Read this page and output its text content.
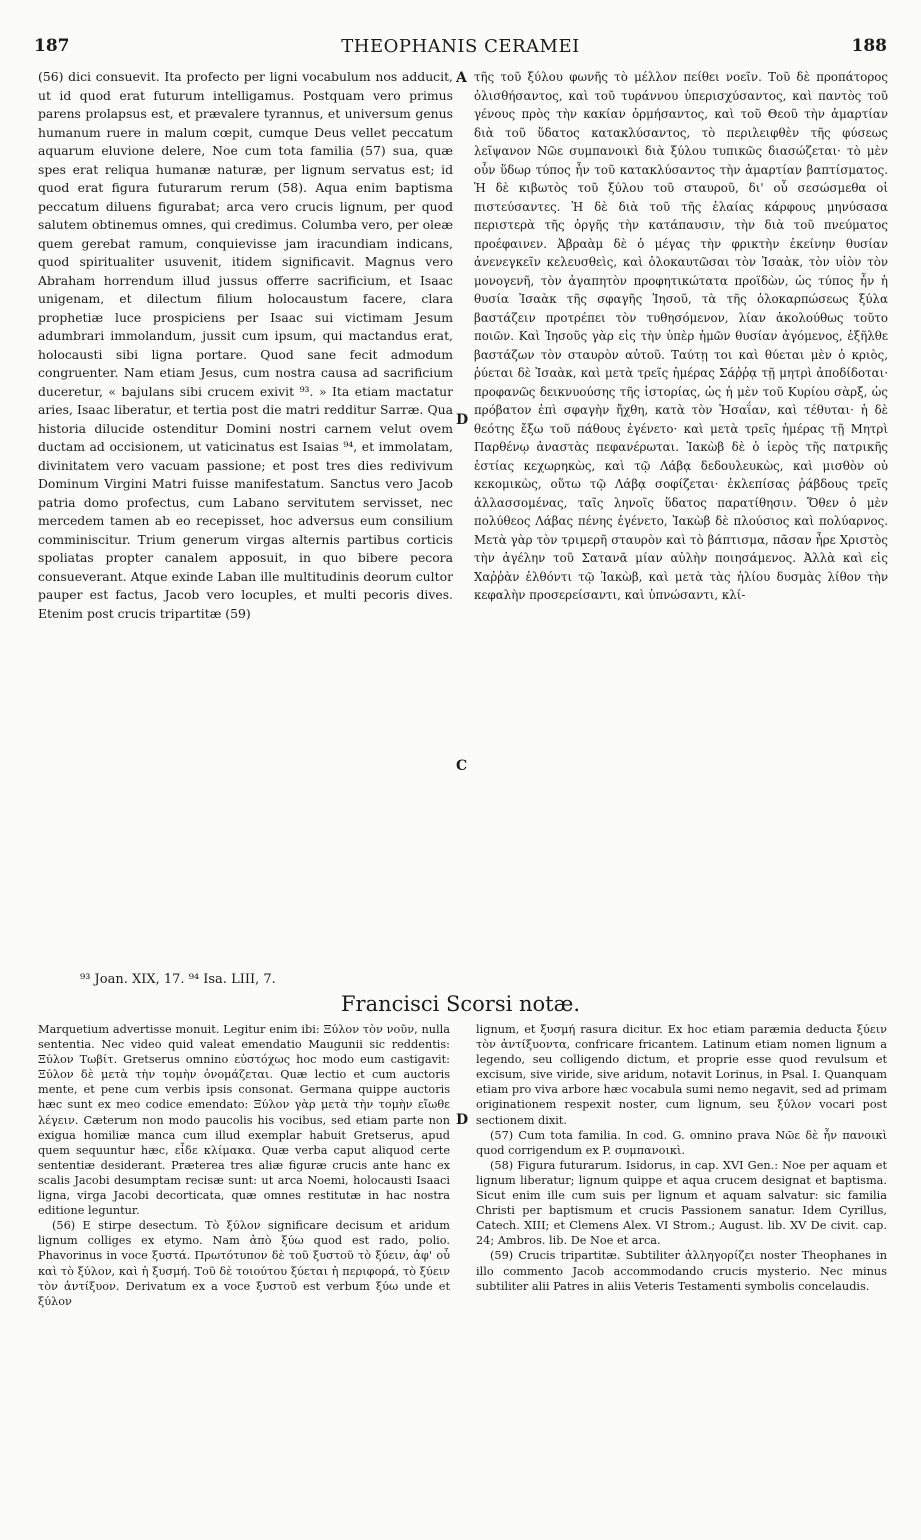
187	THEOPHANIS CERAMEI	188

(56) dici consuevit. Ita profecto per ligni vocabulum nos adducit, ut id quod erat futurum intelligamus. Postquam vero primus parens prolapsus est, et prævalere tyrannus, et universum genus humanum ruere in malum cœpit, cumque Deus vellet peccatum aquarum eluvione delere, Noe cum tota familia (57) sua, quæ spes erat reliqua humanæ naturæ, per lignum servatus est; id quod erat figura futurarum rerum (58). Aqua enim baptisma peccatum diluens figurabat; arca vero crucis lignum, per quod salutem obtinemus omnes, qui credimus. Columba vero, per oleæ quem gerebat ramum, conquievisse jam iracundiam indicans, quod spiritualiter usuvenit, itidem significavit. Magnus vero Abraham horrendum illud jussus offerre sacrificium, et Isaac unigenam, et dilectum filium holocaustum facere, clara prophetiæ luce prospiciens per Isaac sui victimam Jesum adumbrari immolandum, jussit cum ipsum, qui mactandus erat, holocausti sibi ligna portare. Quod sane fecit admodum congruenter. Nam etiam Jesus, cum nostra causa ad sacrificium duceretur, « bajulans sibi crucem exivit ⁹³. » Ita etiam mactatur aries, Isaac liberatur, et tertia post die matri redditur Sarræ. Qua historia dilucide ostenditur Domini nostri carnem velut ovem ductam ad occisionem, ut vaticinatus est Isaias ⁹⁴, et immolatam, divinitatem vero vacuam passione; et post tres dies redivivum Dominum Virgini Matri fuisse manifestatum. Sanctus vero Jacob patria domo profectus, cum Labano servitutem servisset, nec mercedem tamen ab eo recepisset, hoc adversus eum consilium comminiscitur. Trium generum virgas alternis partibus corticis spoliatas propter canalem apposuit, in quo bibere pecora consueverant. Atque exinde Laban ille multitudinis deorum cultor pauper est factus, Jacob vero locuples, et multi pecoris dives. Etenim post crucis tripartitæ (59)

τῆς τοῦ ξύλου φωνῆς τὸ μέλλον πείθει νοεῖν. Τοῦ δὲ προπάτορος ὀλισθήσαντος, καὶ τοῦ τυράννου ὑπερισχύσαντος, καὶ παντὸς τοῦ γένους πρὸς τὴν κακίαν ὁρμήσαντος, καὶ τοῦ Θεοῦ τὴν ἁμαρτίαν διὰ τοῦ ὕδατος κατακλύσαντος, τὸ περιλειφθὲν τῆς φύσεως λεῖψανον Νῶε συμπανοικὶ διὰ ξύλου τυπικῶς διασώζεται· τὸ μὲν οὖν ὕδωρ τύπος ἦν τοῦ κατακλύσαντος τὴν ἁμαρτίαν βαπτίσματος. Ἡ δὲ κιβωτὸς τοῦ ξύλου τοῦ σταυροῦ, δι' οὗ σεσώσμεθα οἱ πιστεύσαντες. Ἡ δὲ διὰ τοῦ τῆς ἐλαίας κάρφους μηνύσασα περιστερὰ τῆς ὀργῆς τὴν κατάπαυσιν, τὴν διὰ τοῦ πνεύματος προέφαινεν. Ἀβραὰμ δὲ ὁ μέγας τὴν φρικτὴν ἐκείνην θυσίαν ἀνενεγκεῖν κελευσθεὶς, καὶ ὁλοκαυτῶσαι τὸν Ἰσαὰκ, τὸν υἱὸν τὸν μονογενῆ, τὸν ἀγαπητὸν προφητικώτατα προϊδὼν, ὡς τύπος ἦν ἡ θυσία Ἰσαὰκ τῆς σφαγῆς Ἰησοῦ, τὰ τῆς ὁλοκαρπώσεως ξύλα βαστάζειν προτρέπει τὸν τυθησόμενον, λίαν ἀκολούθως τοῦτο ποιῶν. Καὶ Ἰησοῦς γὰρ εἰς τὴν ὑπὲρ ἡμῶν θυσίαν ἀγόμενος, ἐξῆλθε βαστάζων τὸν σταυρὸν αὐτοῦ. Ταύτῃ τοι καὶ θύεται μὲν ὁ κριὸς, ῥύεται δὲ Ἰσαὰκ, καὶ μετὰ τρεῖς ἡμέρας Σάῤῥᾳ τῇ μητρὶ ἀποδίδοται· προφανῶς δεικνυούσης τῆς ἱστορίας, ὡς ἡ μὲν τοῦ Κυρίου σὰρξ, ὡς πρόβατον ἐπὶ σφαγὴν ἤχθη, κατὰ τὸν Ἡσαΐαν, καὶ τέθυται· ἡ δὲ θεότης ἔξω τοῦ πάθους ἐγένετο· καὶ μετὰ τρεῖς ἡμέρας τῇ Μητρὶ Παρθένῳ ἀναστὰς πεφανέρωται. Ἰακὼβ δὲ ὁ ἱερὸς τῆς πατρικῆς ἑστίας κεχωρηκὼς, καὶ τῷ Λάβᾳ δεδουλευκὼς, καὶ μισθὸν οὐ κεκομικὼς, οὕτω τῷ Λάβᾳ σοφίζεται· ἐκλεπίσας ῥάβδους τρεῖς ἀλλασσομένας, ταῖς ληνοῖς ὕδατος παρατίθησιν. Ὅθεν ὁ μὲν πολύθεος Λάβας πένης ἐγένετο, Ἰακὼβ δὲ πλούσιος καὶ πολύαρνος. Μετὰ γὰρ τὸν τριμερῆ σταυρὸν καὶ τὸ βάπτισμα, πᾶσαν ἦρε Χριστὸς τὴν ἀγέλην τοῦ Σατανᾶ μίαν αὐλὴν ποιησάμενος. Ἀλλὰ καὶ εἰς Χαῤῥὰν ἐλθόντι τῷ Ἰακὼβ, καὶ μετὰ τὰς ἡλίου δυσμὰς λίθον τὴν κεφαλὴν προσερείσαντι, καὶ ὑπνώσαντι, κλί-

A
D
C
D
⁹³ Joan. XIX, 17. ⁹⁴ Isa. LIII, 7.
Francisci Scorsi notæ.

Marquetium advertisse monuit. Legitur enim ibi: Ξύλον τὸν νοῦν, nulla sententia. Nec video quid valeat emendatio Maugunii sic reddentis: Ξύλον Τωβίτ. Gretserus omnino εὐστόχως hoc modo eum castigavit: Ξύλον δὲ μετὰ τὴν τομὴν ὀνομάζεται. Quæ lectio et cum auctoris mente, et pene cum verbis ipsis consonat. Germana quippe auctoris hæc sunt ex meo codice emendato: Ξύλον γὰρ μετὰ τὴν τομὴν εἴωθε λέγειν. Cæterum non modo paucolis his vocibus, sed etiam parte non exigua homiliæ manca cum illud exemplar habuit Gretserus, apud quem sequuntur hæc, εἶδε κλίμακα. Quæ verba caput aliquod certe sententiæ desiderant. Præterea tres aliæ figuræ crucis ante hanc ex scalis Jacobi desumptam recisæ sunt: ut arca Noemi, holocausti Isaaci ligna, virga Jacobi decorticata, quæ omnes restitutæ in hac nostra editione leguntur.

(56) E stirpe desectum. Τὸ ξύλον significare decisum et aridum lignum colliges ex etymo. Nam ἀπὸ ξύω quod est rado, polio. Phavorinus in voce ξυστά. Πρωτότυπον δὲ τοῦ ξυστοῦ τὸ ξύειν, ἀφ' οὗ καὶ τὸ ξύλον, καὶ ἡ ξυσμή. Τοῦ δὲ τοιούτου ξύεται ἡ περιφορά, τὸ ξύειν τὸν ἀντίξυον. Derivatum ex a voce ξυστοῦ est verbum ξύω unde et ξύλον

lignum, et ξυσμή rasura dicitur. Ex hoc etiam paræmia deducta ξύειν τὸν ἀντίξυοντα, confricare fricantem. Latinum etiam nomen lignum a legendo, seu colligendo dictum, et proprie esse quod revulsum et excisum, sive viride, sive aridum, notavit Lorinus, in Psal. I. Quanquam etiam pro viva arbore hæc vocabula sumi nemo negavit, sed ad primam originationem respexit noster, cum lignum, seu ξύλον vocari post sectionem dixit.

(57) Cum tota familia. In cod. G. omnino prava Νῶε δὲ ἦν πανοικὶ quod corrigendum ex P. συμπανοικὶ.

(58) Figura futurarum. Isidorus, in cap. XVI Gen.: Noe per aquam et lignum liberatur; lignum quippe et aqua crucem designat et baptisma. Sicut enim ille cum suis per lignum et aquam salvatur: sic familia Christi per baptismum et crucis Passionem sanatur. Idem Cyrillus, Catech. XIII; et Clemens Alex. VI Strom.; August. lib. XV De civit. cap. 24; Ambros. lib. De Noe et arca.

(59) Crucis tripartitæ. Subtiliter ἀλληγορίζει noster Theophanes in illo commento Jacob accommodando crucis mysterio. Nec minus subtiliter alii Patres in aliis Veteris Testamenti symbolis concelaudis.
